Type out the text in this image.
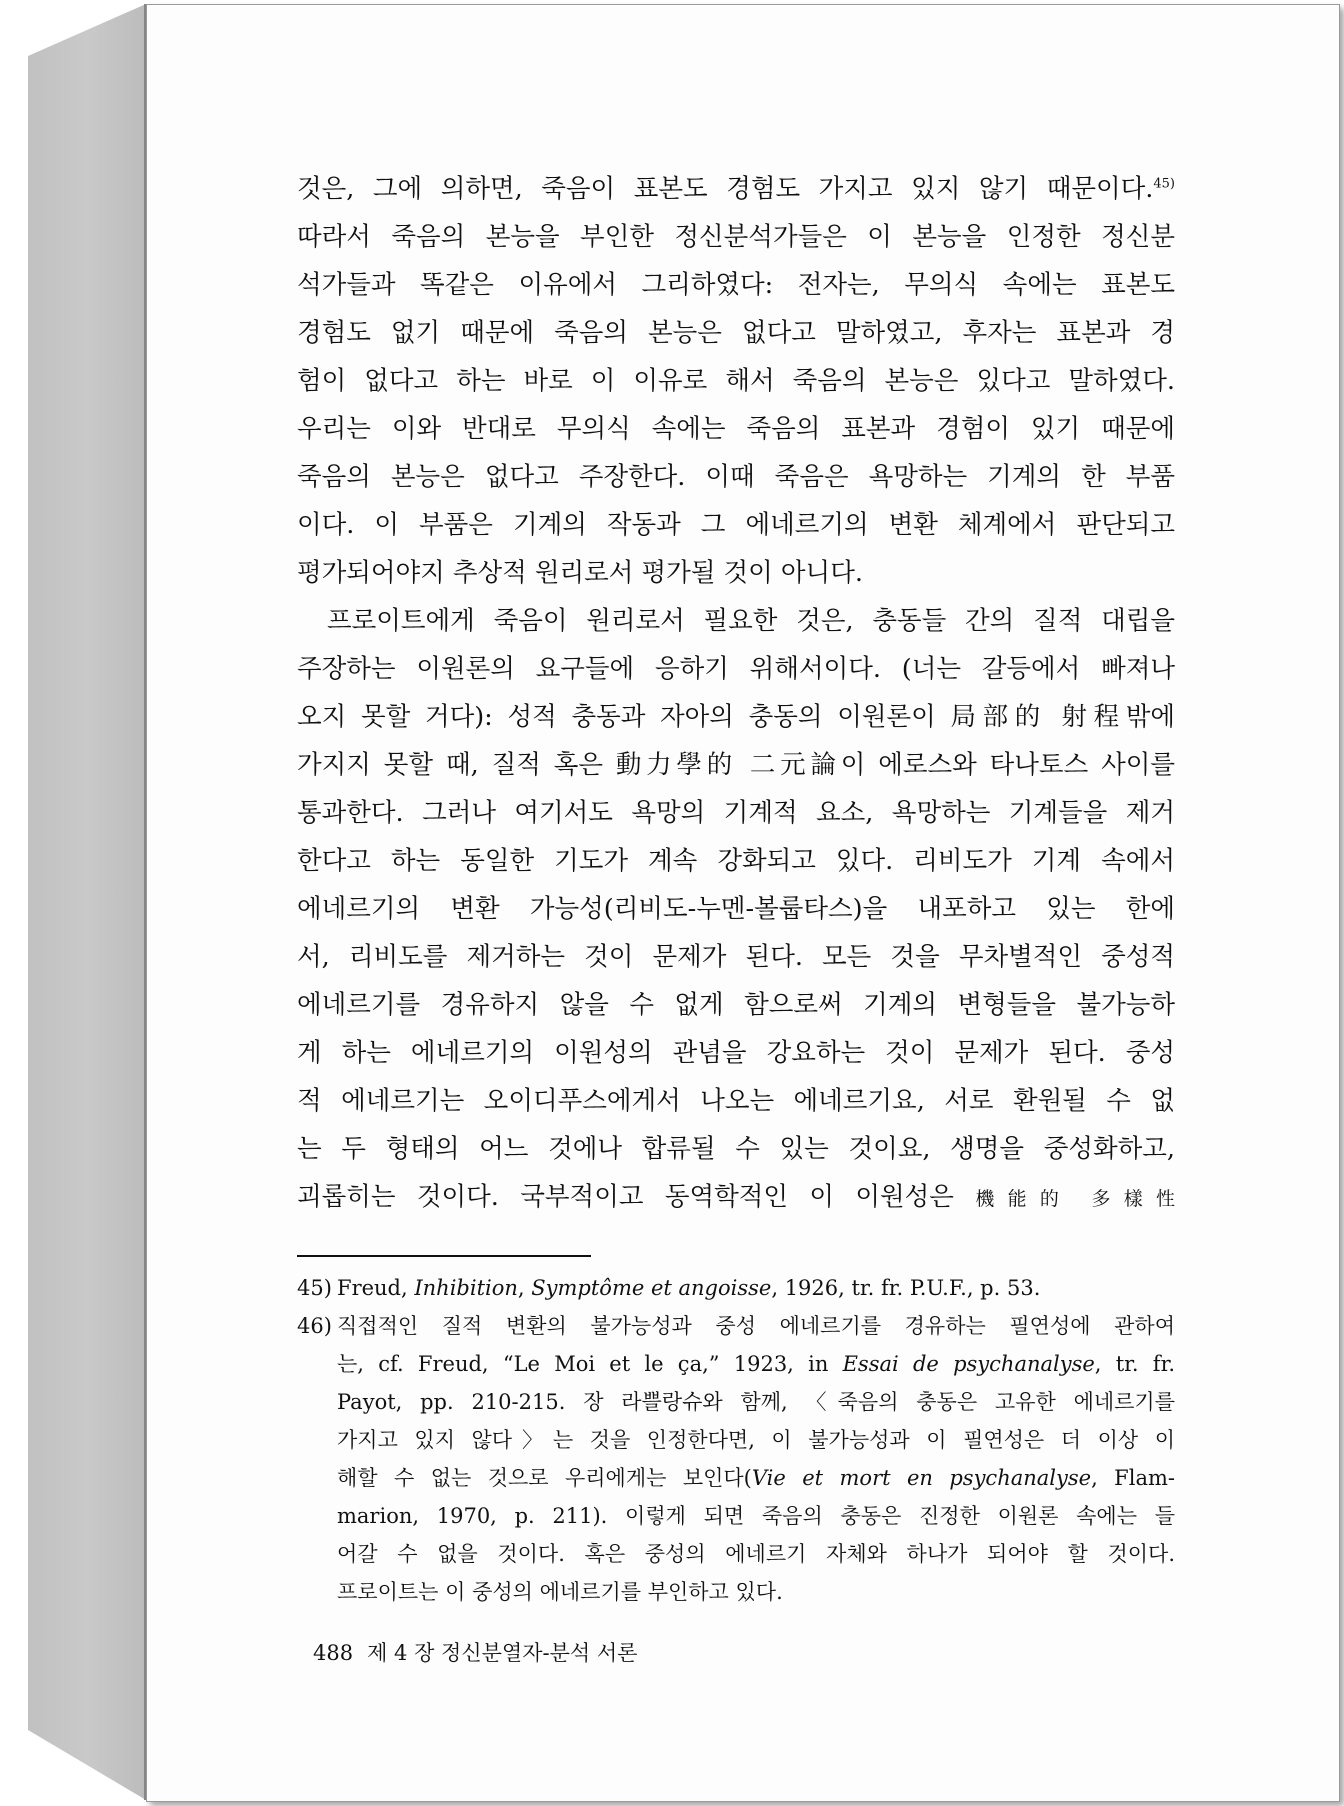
것은, 그에 의하면, 죽음이 표본도 경험도 가지고 있지 않기 때문이다.$^{45)}$
따라서 죽음의 본능을 부인한 정신분석가들은 이 본능을 인정한 정신분
석가들과 똑같은 이유에서 그리하였다: 전자는, 무의식 속에는 표본도
경험도 없기 때문에 죽음의 본능은 없다고 말하였고, 후자는 표본과 경
험이 없다고 하는 바로 이 이유로 해서 죽음의 본능은 있다고 말하였다.
우리는 이와 반대로 무의식 속에는 죽음의 표본과 경험이 있기 때문에
죽음의 본능은 없다고 주장한다. 이때 죽음은 욕망하는 기계의 한 부품
이다. 이 부품은 기계의 작동과 그 에네르기의 변환 체계에서 판단되고
평가되어야지 추상적 원리로서 평가될 것이 아니다.
프로이트에게 죽음이 원리로서 필요한 것은, 충동들 간의 질적 대립을
주장하는 이원론의 요구들에 응하기 위해서이다. (너는 갈등에서 빠져나
오지 못할 거다): 성적 충동과 자아의 충동의 이원론이 局部的 射程밖에
가지지 못할 때, 질적 혹은 動力學的 二元論이 에로스와 타나토스 사이를
통과한다. 그러나 여기서도 욕망의 기계적 요소, 욕망하는 기계들을 제거
한다고 하는 동일한 기도가 계속 강화되고 있다. 리비도가 기계 속에서
에네르기의 변환 가능성(리비도-누멘-볼룹타스)을 내포하고 있는 한에
서, 리비도를 제거하는 것이 문제가 된다. 모든 것을 무차별적인 중성적
에네르기를 경유하지 않을 수 없게 함으로써 기계의 변형들을 불가능하
게 하는 에네르기의 이원성의 관념을 강요하는 것이 문제가 된다. 중성
적 에네르기는 오이디푸스에게서 나오는 에네르기요, 서로 환원될 수 없
는 두 형태의 어느 것에나 합류될 수 있는 것이요, 생명을 중성화하고,
괴롭히는 것이다. 국부적이고 동역학적인 이 이원성은 機能的 多樣性
45) Freud, Inhibition, Symptôme et angoisse, 1926, tr. fr. P.U.F., p. 53.
46) 직접적인 질적 변환의 불가능성과 중성 에네르기를 경유하는 필연성에 관하여
는, cf. Freud, “Le Moi et le ça,” 1923, in Essai de psychanalyse, tr. fr.
Payot, pp. 210-215. 장 라쁠랑슈와 함께, 〈죽음의 충동은 고유한 에네르기를
가지고 있지 않다〉는 것을 인정한다면, 이 불가능성과 이 필연성은 더 이상 이
해할 수 없는 것으로 우리에게는 보인다(Vie et mort en psychanalyse, Flam-
marion, 1970, p. 211). 이렇게 되면 죽음의 충동은 진정한 이원론 속에는 들
어갈 수 없을 것이다. 혹은 중성의 에네르기 자체와 하나가 되어야 할 것이다.
프로이트는 이 중성의 에네르기를 부인하고 있다.
488 제 4 장 정신분열자-분석 서론
